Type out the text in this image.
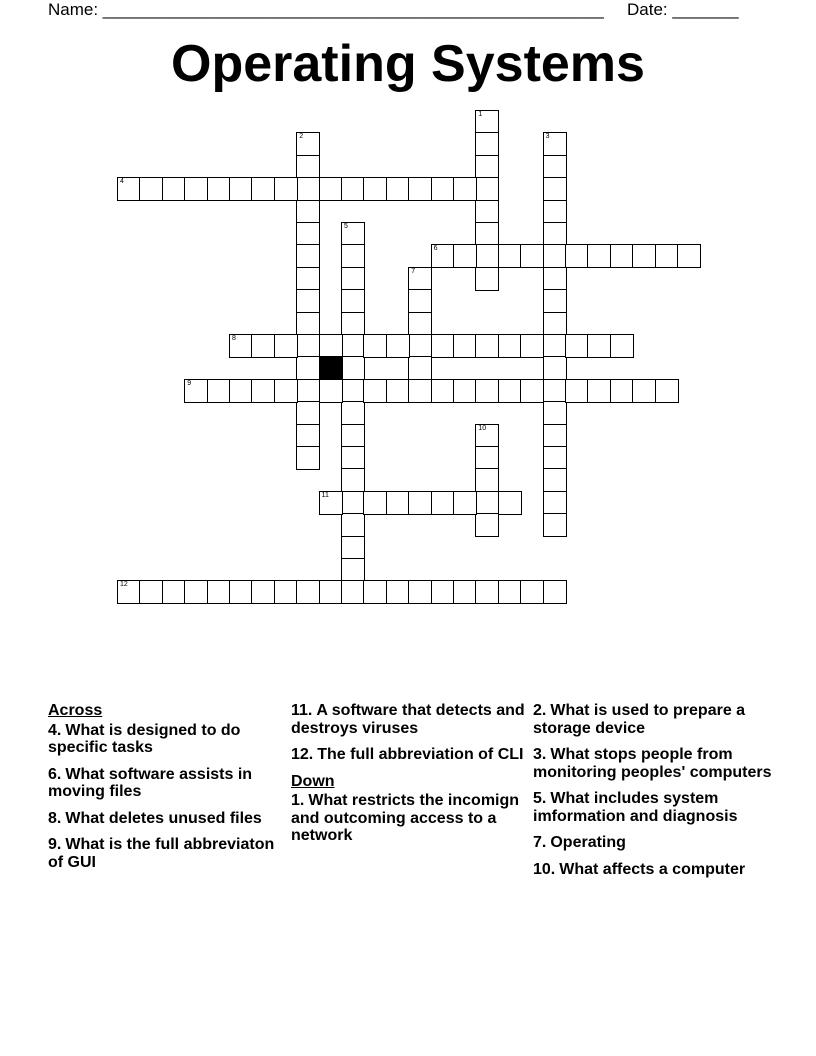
Name: _____________________________________________________ Date: _______
Operating Systems
1
2	3
4
5
6
7
8
9
10
11
12
Across
4. What is designed to do specific tasks
6. What software assists in moving files
8. What deletes unused files
9. What is the full abbreviaton of GUI
11. A software that detects and destroys viruses
12. The full abbreviation of CLI
Down
1. What restricts the incomign and outcoming access to a network
2. What is used to prepare a storage device
3. What stops people from monitoring peoples' computers
5. What includes system imformation and diagnosis
7. Operating
10. What affects a computer
